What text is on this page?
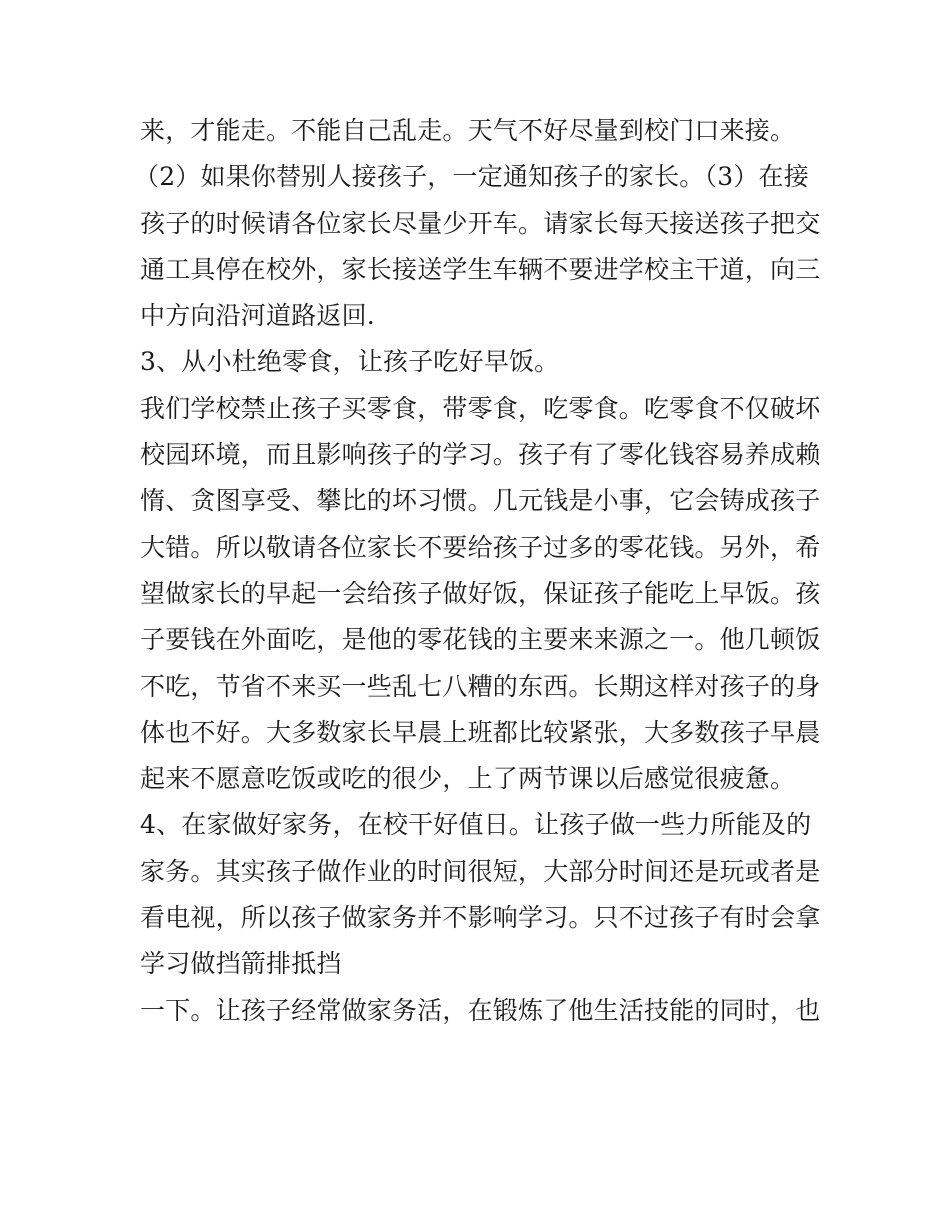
来，才能走。不能自己乱走。天气不好尽量到校门口来接。
（2）如果你替别人接孩子，一定通知孩子的家长。（3）在接
孩子的时候请各位家长尽量少开车。请家长每天接送孩子把交
通工具停在校外，家长接送学生车辆不要进学校主干道，向三
中方向沿河道路返回.
3、从小杜绝零食，让孩子吃好早饭。
我们学校禁止孩子买零食，带零食，吃零食。吃零食不仅破坏
校园环境，而且影响孩子的学习。孩子有了零化钱容易养成赖
惰、贪图享受、攀比的坏习惯。几元钱是小事，它会铸成孩子
大错。所以敬请各位家长不要给孩子过多的零花钱。另外，希
望做家长的早起一会给孩子做好饭，保证孩子能吃上早饭。孩
子要钱在外面吃，是他的零花钱的主要来来源之一。他几顿饭
不吃，节省不来买一些乱七八糟的东西。长期这样对孩子的身
体也不好。大多数家长早晨上班都比较紧张，大多数孩子早晨
起来不愿意吃饭或吃的很少，上了两节课以后感觉很疲惫。
4、在家做好家务，在校干好值日。让孩子做一些力所能及的
家务。其实孩子做作业的时间很短，大部分时间还是玩或者是
看电视，所以孩子做家务并不影响学习。只不过孩子有时会拿
学习做挡箭排抵挡
一下。让孩子经常做家务活，在锻炼了他生活技能的同时，也
